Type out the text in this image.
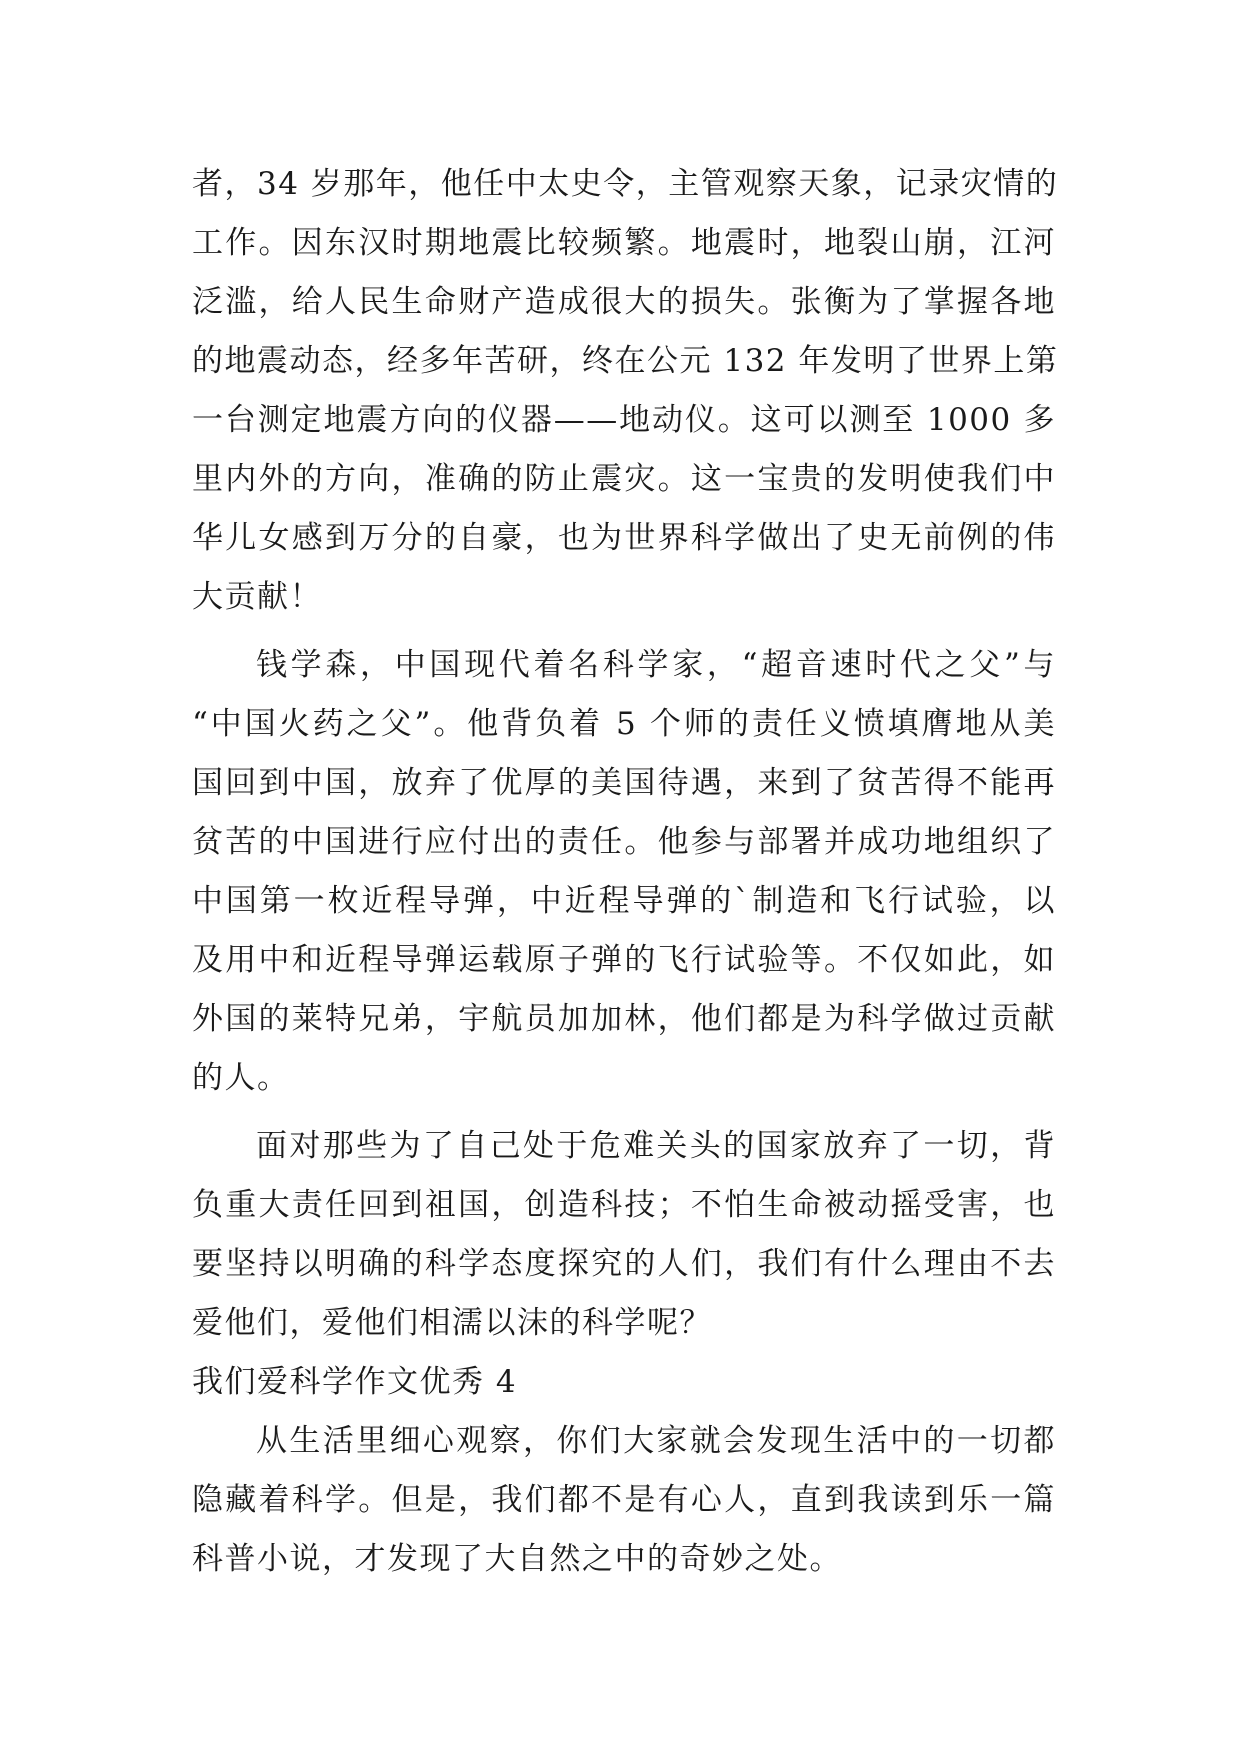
者，34 岁那年，他任中太史令，主管观察天象，记录灾情的
工作。因东汉时期地震比较频繁。地震时，地裂山崩，江河
泛滥，给人民生命财产造成很大的损失。张衡为了掌握各地
的地震动态，经多年苦研，终在公元 132 年发明了世界上第
一台测定地震方向的仪器——地动仪。这可以测至 1000 多
里内外的方向，准确的防止震灾。这一宝贵的发明使我们中
华儿女感到万分的自豪，也为世界科学做出了史无前例的伟
大贡献！
钱学森，中国现代着名科学家，“超音速时代之父”与
“中国火药之父”。他背负着 5 个师的责任义愤填膺地从美
国回到中国，放弃了优厚的美国待遇，来到了贫苦得不能再
贫苦的中国进行应付出的责任。他参与部署并成功地组织了
中国第一枚近程导弹，中近程导弹的`制造和飞行试验，以
及用中和近程导弹运载原子弹的飞行试验等。不仅如此，如
外国的莱特兄弟，宇航员加加林，他们都是为科学做过贡献
的人。
面对那些为了自己处于危难关头的国家放弃了一切，背
负重大责任回到祖国，创造科技；不怕生命被动摇受害，也
要坚持以明确的科学态度探究的人们，我们有什么理由不去
爱他们，爱他们相濡以沫的科学呢？
我们爱科学作文优秀 4
从生活里细心观察，你们大家就会发现生活中的一切都
隐藏着科学。但是，我们都不是有心人，直到我读到乐一篇
科普小说，才发现了大自然之中的奇妙之处。
